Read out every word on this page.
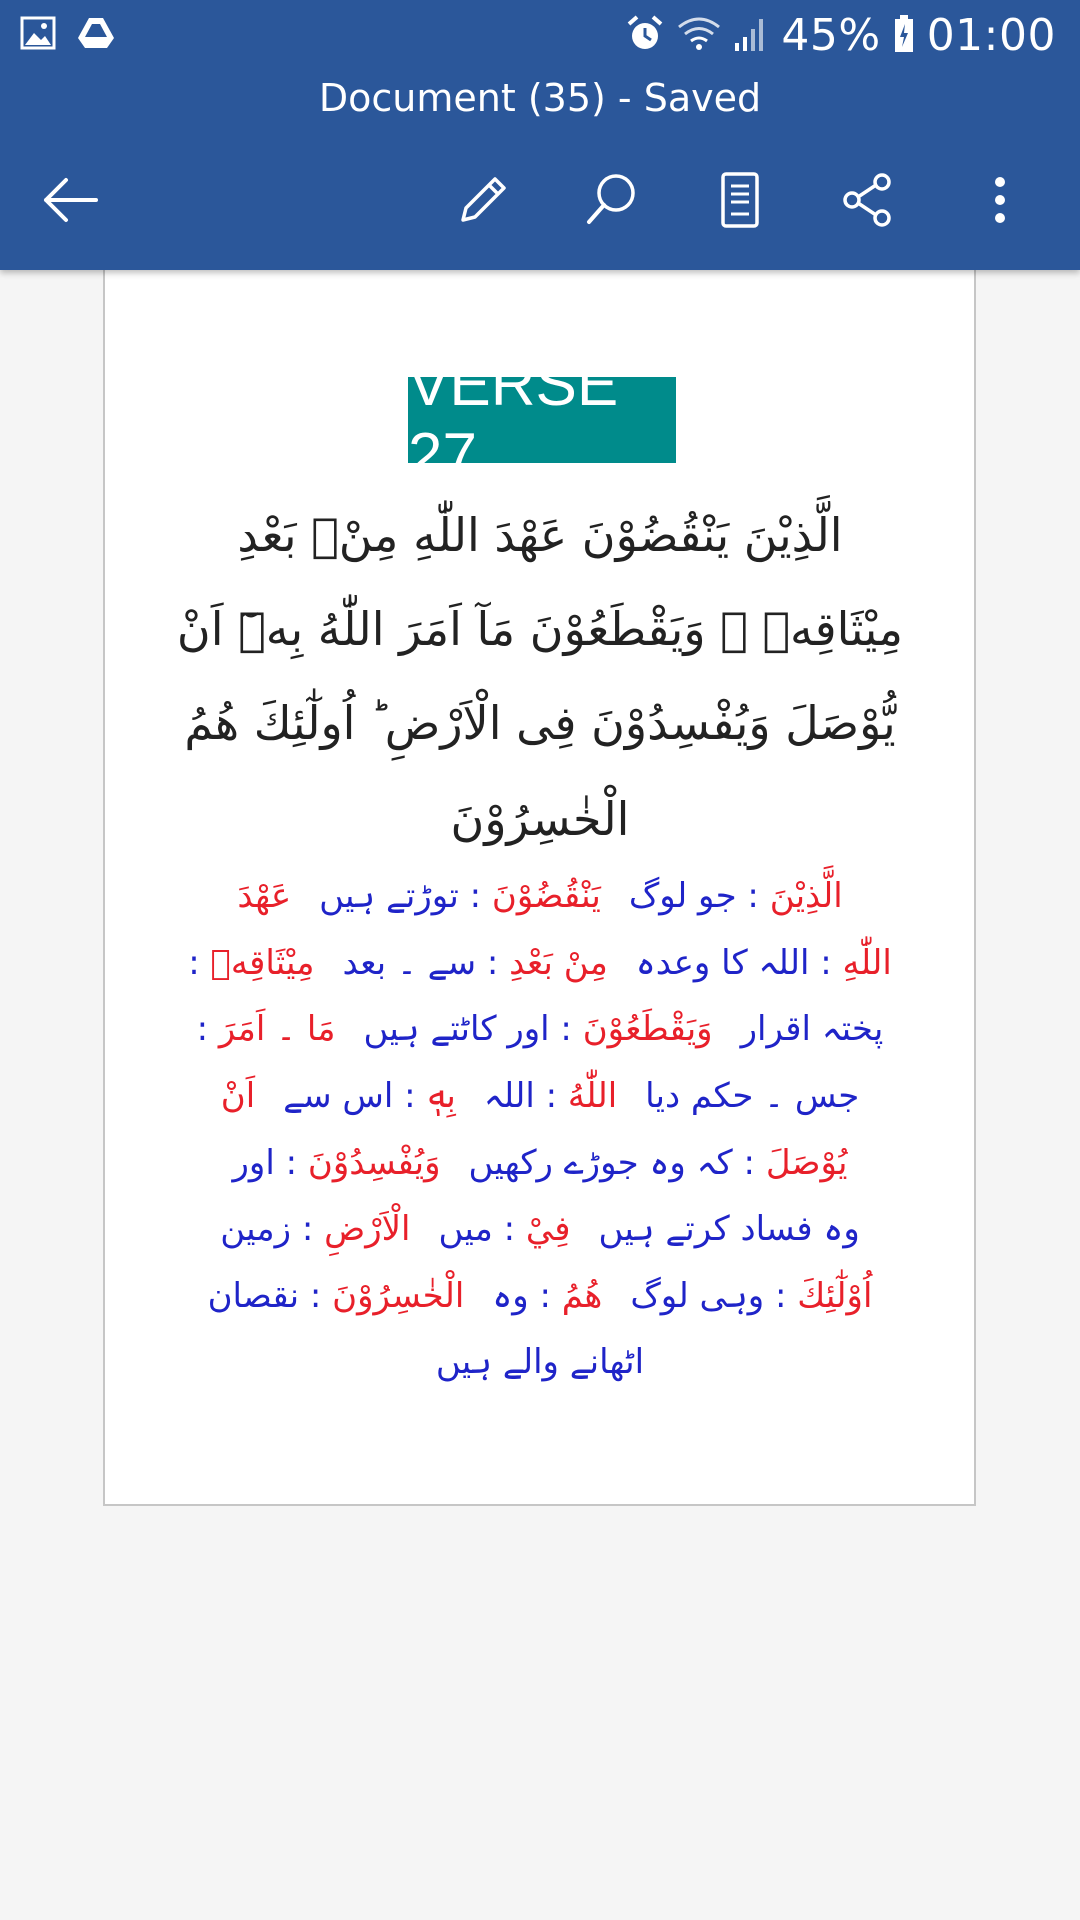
45% 01:00
Document (35) - Saved
VERSE 27
الَّذِيْنَ يَنْقُضُوْنَ عَهْدَ اللّٰهِ مِنْۢ بَعْدِ
مِيْثَاقِهٖ ۠ وَيَقْطَعُوْنَ مَآ اَمَرَ اللّٰهُ بِهٖٓ اَنْ
يُّوْصَلَ وَيُفْسِدُوْنَ فِى الْاَرْضِ ؕ اُولٰٓئِكَ هُمُ
الْخٰسِرُوْنَ
الَّذِيْنَ : جو لوگيَنْقُضُوْنَ : توڑتے ہیںعَهْدَ
اللّٰهِ : اللہ کا وعدہمِنْ بَعْدِ : سے ۔ بعدمِيْثَاقِهٖ :
پختہ اقراروَيَقْطَعُوْنَ : اور کاٹتے ہیںمَا ۔ اَمَرَ :
جس ۔ حکم دیااللّٰهُ : اللہبِهٖ : اس سےاَنْ
يُوْصَلَ : کہ وہ جوڑے رکھیںوَيُفْسِدُوْنَ : اور
وہ فساد کرتے ہیںفِيْ : میںالْاَرْضِ : زمین
اُوْلٰٓئِكَ : وہی لوگهُمُ : وہالْخٰسِرُوْنَ : نقصان
اٹھانے والے ہیں
